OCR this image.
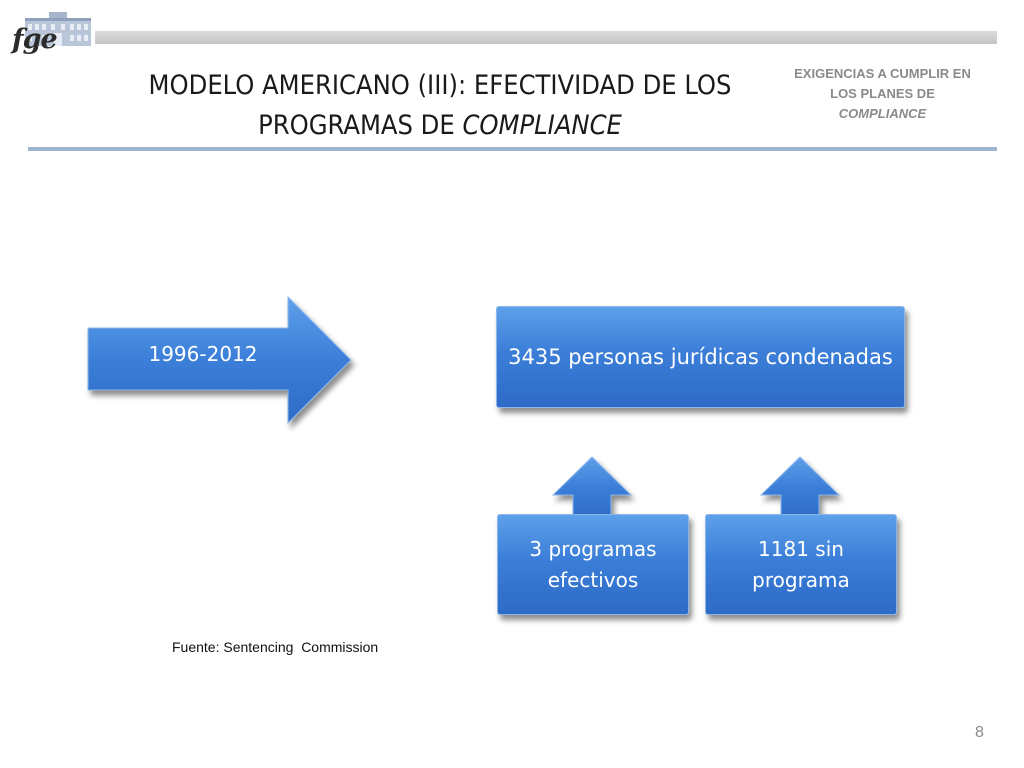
fge
MODELO AMERICANO (III): EFECTIVIDAD DE LOS
PROGRAMAS DE COMPLIANCE
EXIGENCIAS A CUMPLIR EN
LOS PLANES DE
COMPLIANCE
1996-2012	3435 personas jurídicas condenadas
3 programas
efectivos
1181 sin
programa
Fuente: Sentencing  Commission
8
